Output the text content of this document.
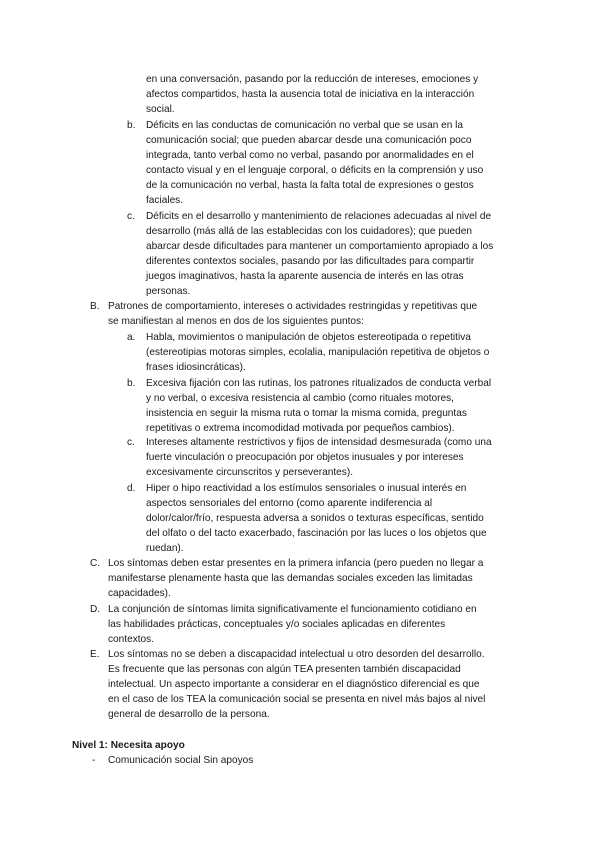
en una conversación, pasando por la reducción de intereses, emociones y
afectos compartidos, hasta la ausencia total de iniciativa en la interacción
social.
b. Déficits en las conductas de comunicación no verbal que se usan en la
comunicación social; que pueden abarcar desde una comunicación poco
integrada, tanto verbal como no verbal, pasando por anormalidades en el
contacto visual y en el lenguaje corporal, o déficits en la comprensión y uso
de la comunicación no verbal, hasta la falta total de expresiones o gestos
faciales.
c. Déficits en el desarrollo y mantenimiento de relaciones adecuadas al nivel de
desarrollo (más allá de las establecidas con los cuidadores); que pueden
abarcar desde dificultades para mantener un comportamiento apropiado a los
diferentes contextos sociales, pasando por las dificultades para compartir
juegos imaginativos, hasta la aparente ausencia de interés en las otras
personas.
B. Patrones de comportamiento, intereses o actividades restringidas y repetitivas que
se manifiestan al menos en dos de los siguientes puntos:
a. Habla, movimientos o manipulación de objetos estereotipada o repetitiva
(estereotipias motoras simples, ecolalia, manipulación repetitiva de objetos o
frases idiosincráticas).
b. Excesiva fijación con las rutinas, los patrones ritualizados de conducta verbal
y no verbal, o excesiva resistencia al cambio (como rituales motores,
insistencia en seguir la misma ruta o tomar la misma comida, preguntas
repetitivas o extrema incomodidad motivada por pequeños cambios).
c. Intereses altamente restrictivos y fijos de intensidad desmesurada (como una
fuerte vinculación o preocupación por objetos inusuales y por intereses
excesivamente circunscritos y perseverantes).
d. Hiper o hipo reactividad a los estímulos sensoriales o inusual interés en
aspectos sensoriales del entorno (como aparente indiferencia al
dolor/calor/frío, respuesta adversa a sonidos o texturas específicas, sentido
del olfato o del tacto exacerbado, fascinación por las luces o los objetos que
ruedan).
C. Los síntomas deben estar presentes en la primera infancia (pero pueden no llegar a
manifestarse plenamente hasta que las demandas sociales exceden las limitadas
capacidades).
D. La conjunción de síntomas limita significativamente el funcionamiento cotidiano en
las habilidades prácticas, conceptuales y/o sociales aplicadas en diferentes
contextos.
E. Los síntomas no se deben a discapacidad intelectual u otro desorden del desarrollo.
Es frecuente que las personas con algún TEA presenten también discapacidad
intelectual. Un aspecto importante a considerar en el diagnóstico diferencial es que
en el caso de los TEA la comunicación social se presenta en nivel más bajos al nivel
general de desarrollo de la persona.
Nivel 1: Necesita apoyo
- Comunicación social Sin apoyos
